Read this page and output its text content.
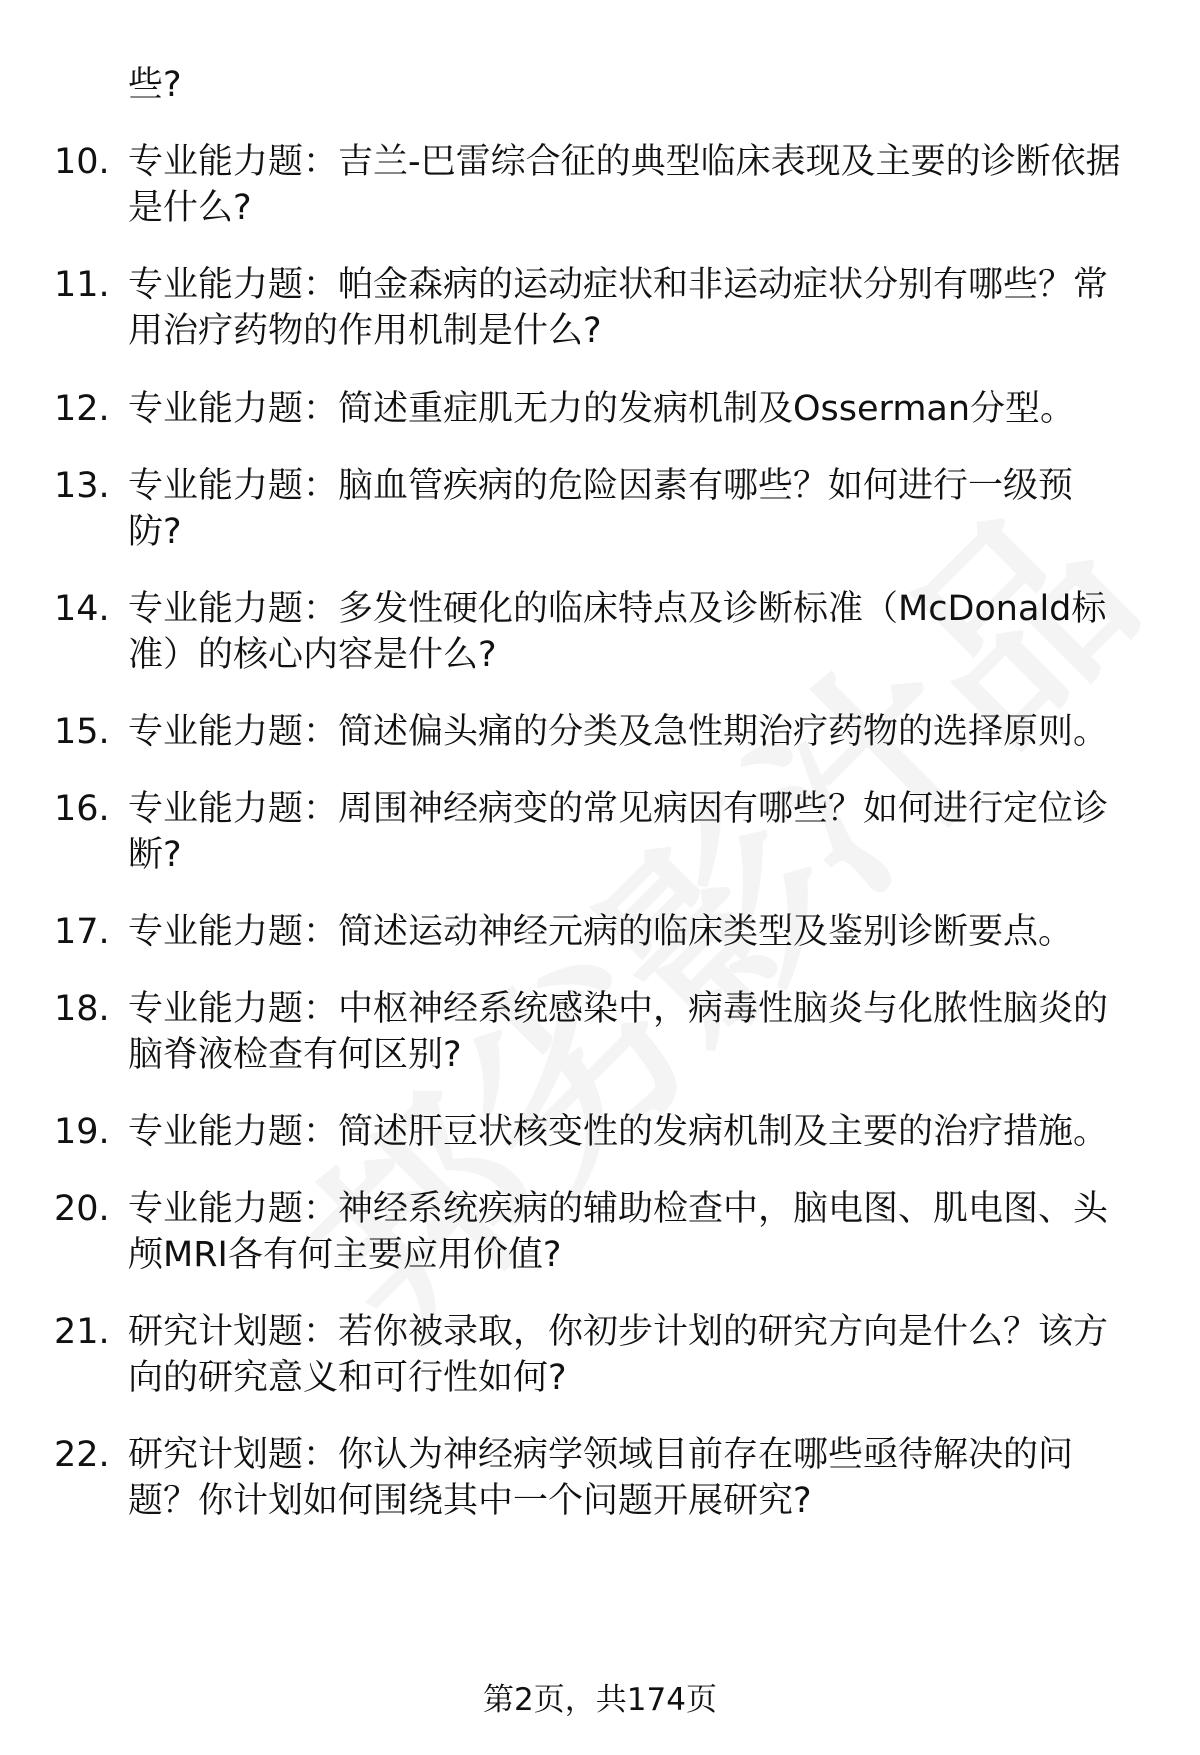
些?
10. 专业能力题：吉兰-巴雷综合征的典型临床表现及主要的诊断依据
是什么?
11. 专业能力题：帕金森病的运动症状和非运动症状分别有哪些？常
用治疗药物的作用机制是什么?
12. 专业能力题：简述重症肌无力的发病机制及Osserman分型。
13. 专业能力题：脑血管疾病的危险因素有哪些？如何进行一级预
防?
14. 专业能力题：多发性硬化的临床特点及诊断标准（McDonald标
准）的核心内容是什么?
15. 专业能力题：简述偏头痛的分类及急性期治疗药物的选择原则。
16. 专业能力题：周围神经病变的常见病因有哪些？如何进行定位诊
断?
17. 专业能力题：简述运动神经元病的临床类型及鉴别诊断要点。
18. 专业能力题：中枢神经系统感染中，病毒性脑炎与化脓性脑炎的
脑脊液检查有何区别?
19. 专业能力题：简述肝豆状核变性的发病机制及主要的治疗措施。
20. 专业能力题：神经系统疾病的辅助检查中，脑电图、肌电图、头
颅MRI各有何主要应用价值?
21. 研究计划题：若你被录取，你初步计划的研究方向是什么？该方
向的研究意义和可行性如何?
22. 研究计划题：你认为神经病学领域目前存在哪些亟待解决的问
题？你计划如何围绕其中一个问题开展研究?
第2页，共174页
